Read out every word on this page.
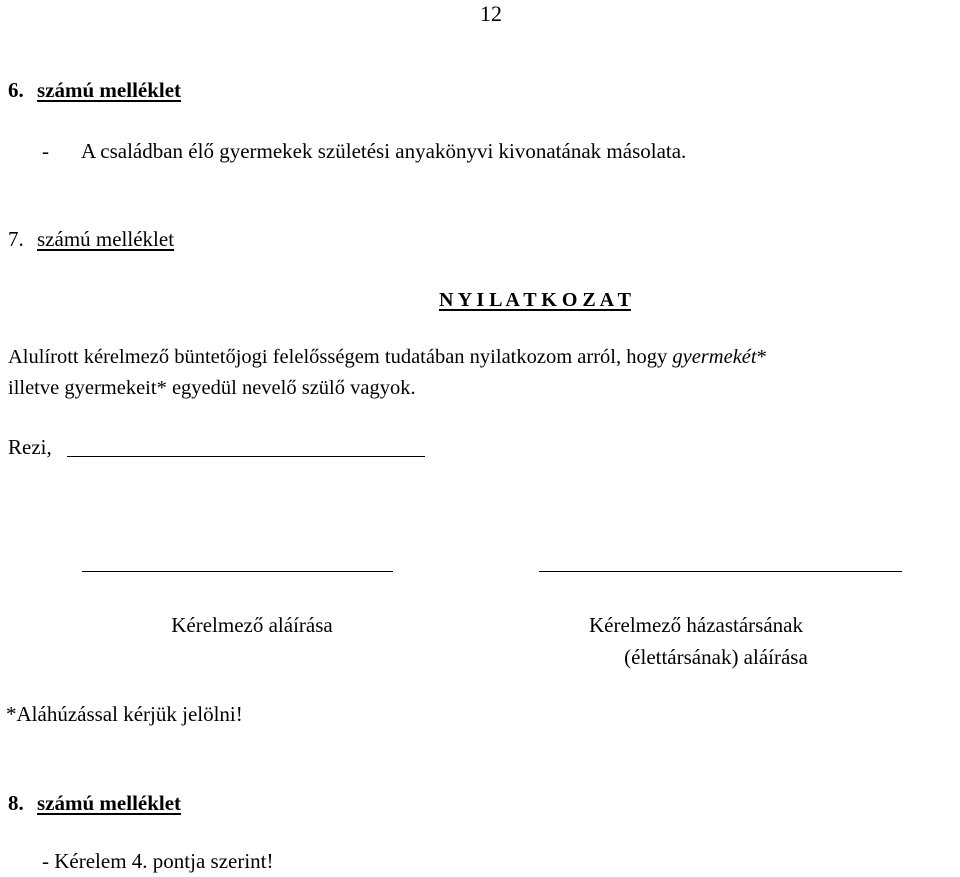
12
6. számú melléklet
- A családban élő gyermekek születési anyakönyvi kivonatának másolata.
7. számú melléklet
N Y I L A T K O Z A T
Alulírott kérelmező büntetőjogi felelősségem tudatában nyilatkozom arról, hogy gyermekét*
illetve gyermekeit* egyedül nevelő szülő vagyok.
Rezi,
Kérelmező aláírása	Kérelmező házastársának
(élettársának) aláírása
*Aláhúzással kérjük jelölni!
8. számú melléklet
- Kérelem 4. pontja szerint!
